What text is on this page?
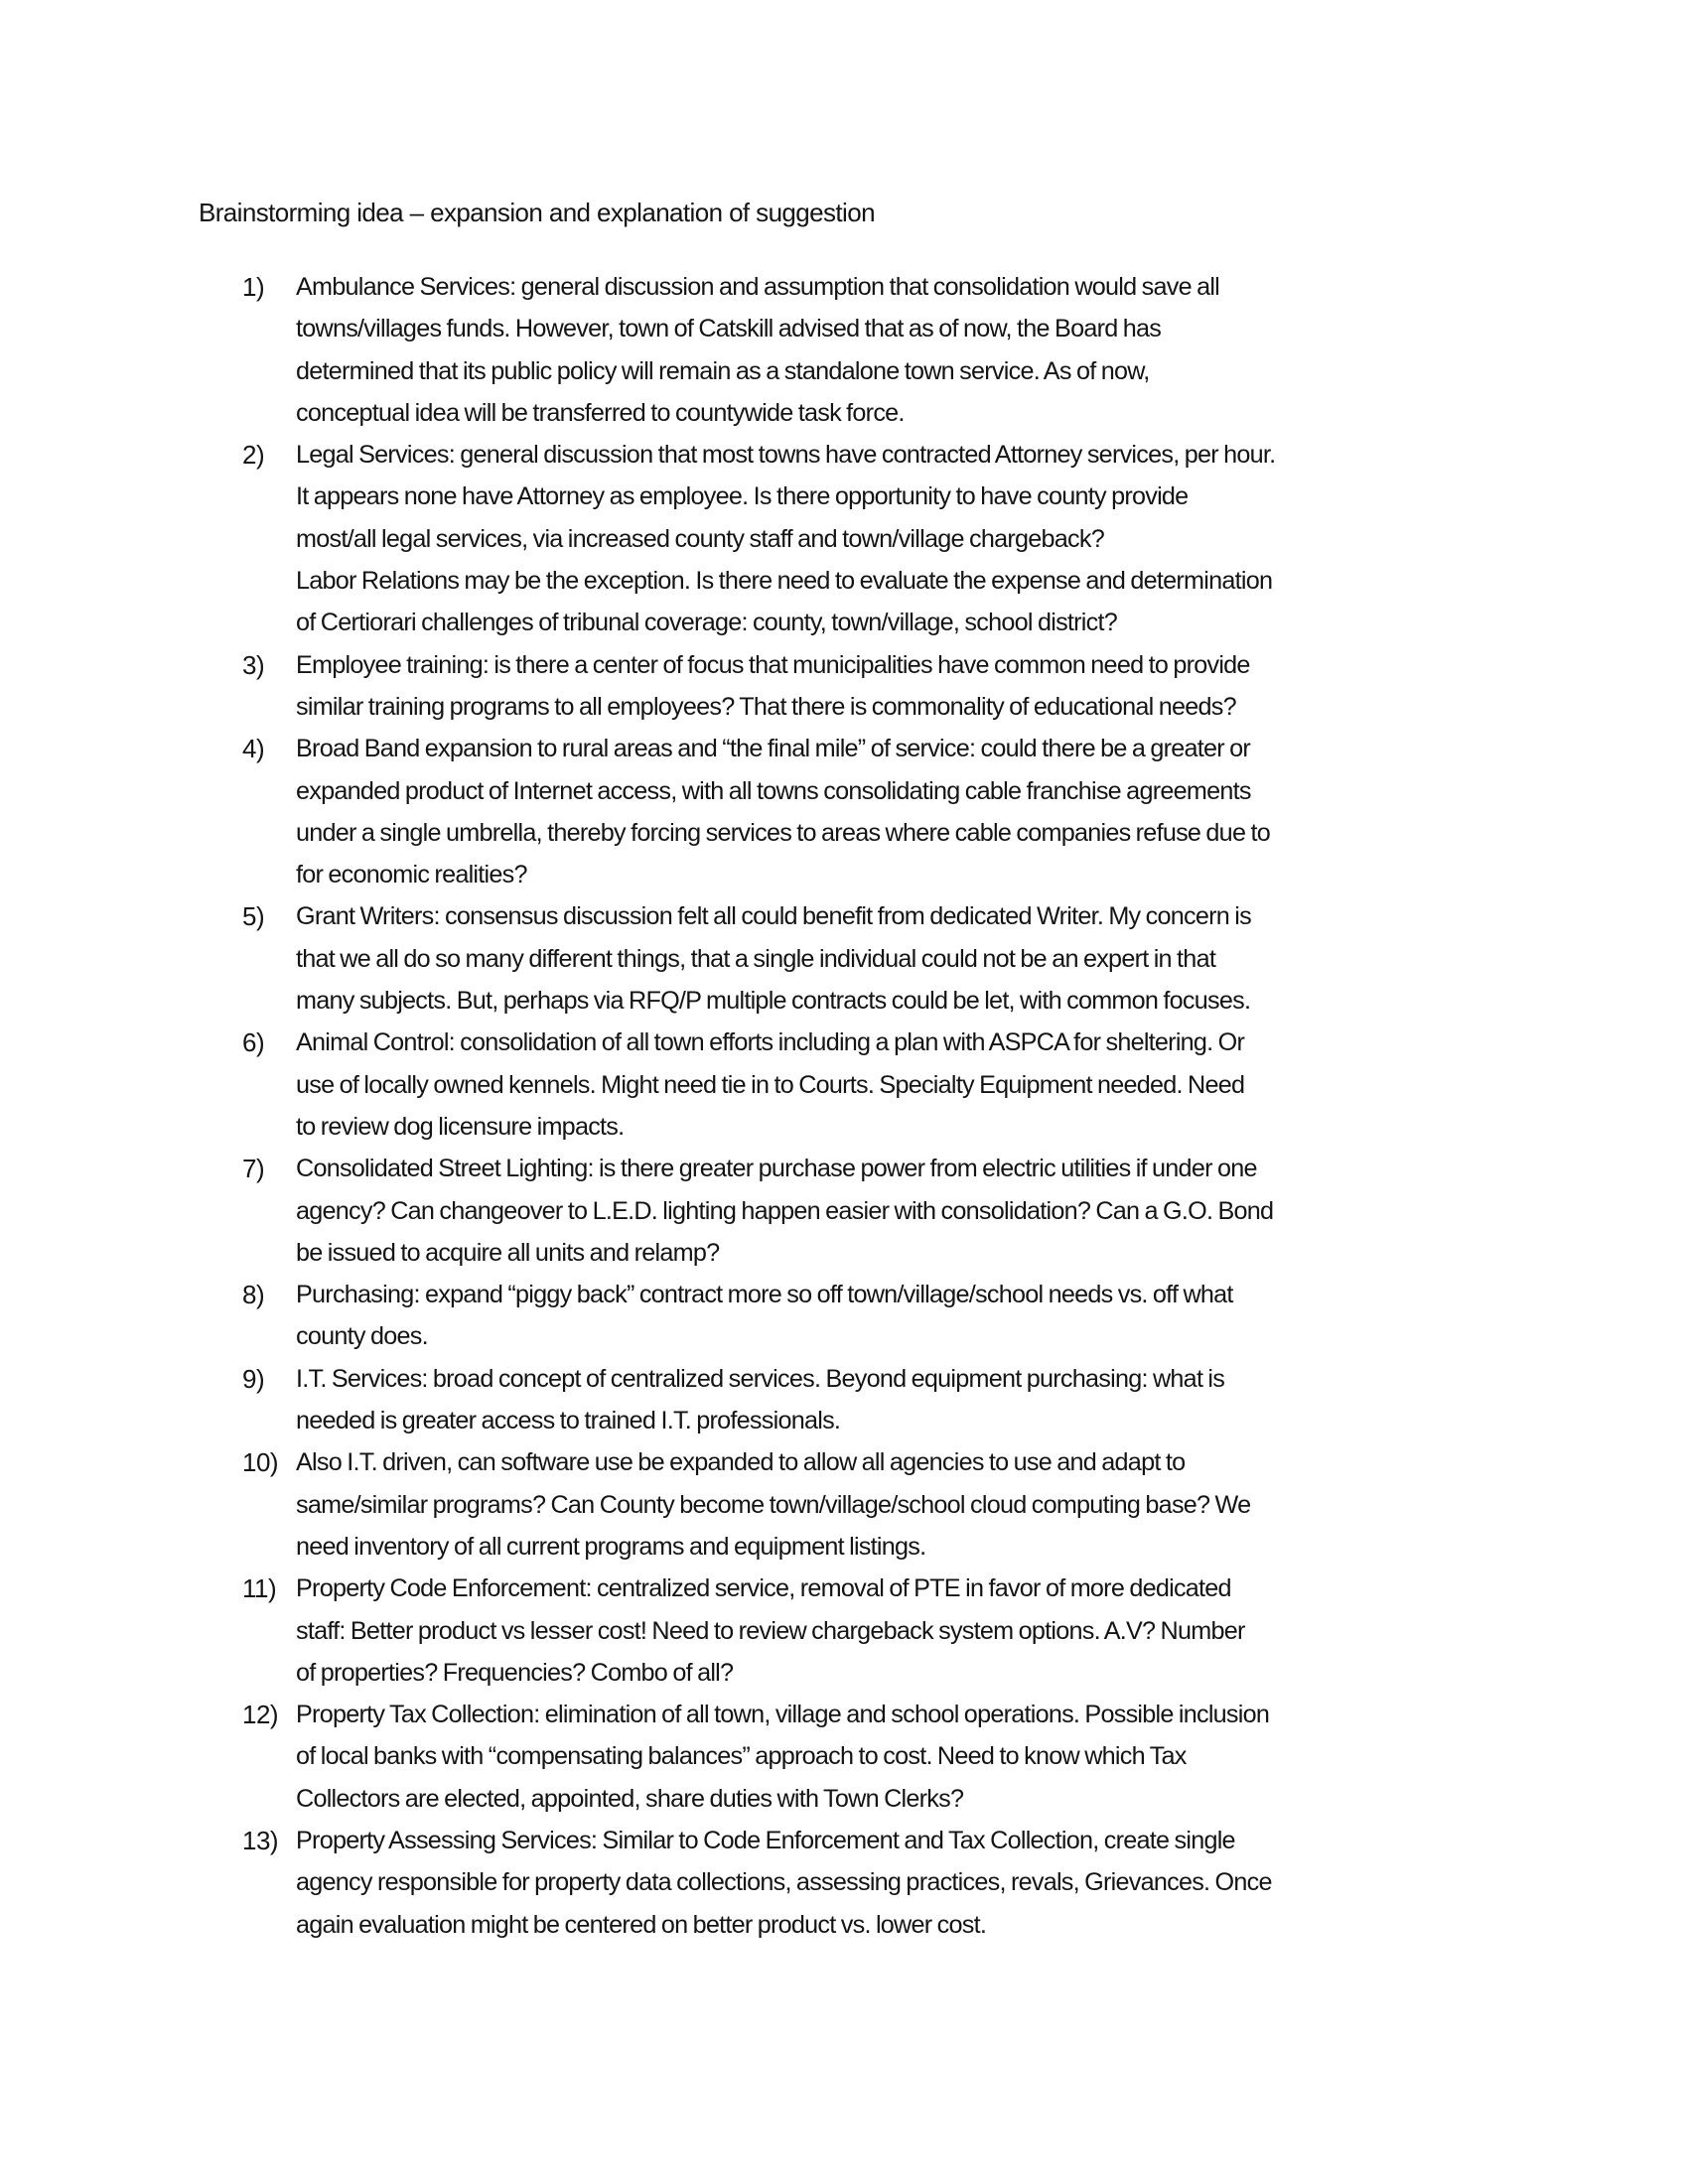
Brainstorming idea – expansion and explanation of suggestion
1) Ambulance Services: general discussion and assumption that consolidation would save all
towns/villages funds. However, town of Catskill advised that as of now, the Board has
determined that its public policy will remain as a standalone town service. As of now,
conceptual idea will be transferred to countywide task force.
2) Legal Services: general discussion that most towns have contracted Attorney services, per hour.
It appears none have Attorney as employee. Is there opportunity to have county provide
most/all legal services, via increased county staff and town/village chargeback?
Labor Relations may be the exception. Is there need to evaluate the expense and determination
of Certiorari challenges of tribunal coverage: county, town/village, school district?
3) Employee training: is there a center of focus that municipalities have common need to provide
similar training programs to all employees? That there is commonality of educational needs?
4) Broad Band expansion to rural areas and “the final mile” of service: could there be a greater or
expanded product of Internet access, with all towns consolidating cable franchise agreements
under a single umbrella, thereby forcing services to areas where cable companies refuse due to
for economic realities?
5) Grant Writers: consensus discussion felt all could benefit from dedicated Writer. My concern is
that we all do so many different things, that a single individual could not be an expert in that
many subjects. But, perhaps via RFQ/P multiple contracts could be let, with common focuses.
6) Animal Control: consolidation of all town efforts including a plan with ASPCA for sheltering. Or
use of locally owned kennels. Might need tie in to Courts. Specialty Equipment needed. Need
to review dog licensure impacts.
7) Consolidated Street Lighting: is there greater purchase power from electric utilities if under one
agency? Can changeover to L.E.D. lighting happen easier with consolidation? Can a G.O. Bond
be issued to acquire all units and relamp?
8) Purchasing: expand “piggy back” contract more so off town/village/school needs vs. off what
county does.
9) I.T. Services: broad concept of centralized services. Beyond equipment purchasing: what is
needed is greater access to trained I.T. professionals.
10) Also I.T. driven, can software use be expanded to allow all agencies to use and adapt to
same/similar programs? Can County become town/village/school cloud computing base? We
need inventory of all current programs and equipment listings.
11) Property Code Enforcement: centralized service, removal of PTE in favor of more dedicated
staff: Better product vs lesser cost! Need to review chargeback system options. A.V? Number
of properties? Frequencies? Combo of all?
12) Property Tax Collection: elimination of all town, village and school operations. Possible inclusion
of local banks with “compensating balances” approach to cost. Need to know which Tax
Collectors are elected, appointed, share duties with Town Clerks?
13) Property Assessing Services: Similar to Code Enforcement and Tax Collection, create single
agency responsible for property data collections, assessing practices, revals, Grievances. Once
again evaluation might be centered on better product vs. lower cost.
